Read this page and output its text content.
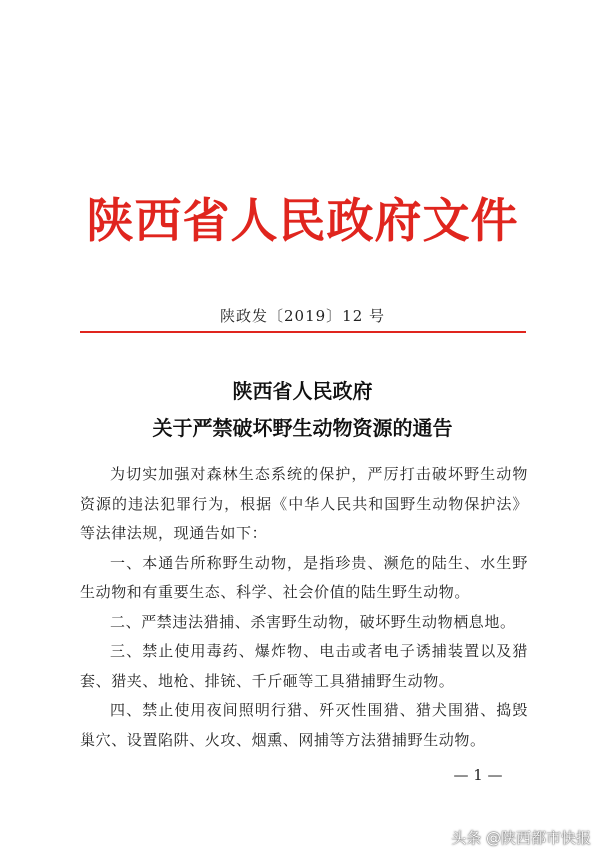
陕西省人民政府文件
陕政发〔2019〕12 号
陕西省人民政府
关于严禁破坏野生动物资源的通告

为切实加强对森林生态系统的保护，严厉打击破坏野生动物资源的违法犯罪行为，根据《中华人民共和国野生动物保护法》等法律法规，现通告如下：

一、本通告所称野生动物，是指珍贵、濒危的陆生、水生野生动物和有重要生态、科学、社会价值的陆生野生动物。

二、严禁违法猎捕、杀害野生动物，破坏野生动物栖息地。

三、禁止使用毒药、爆炸物、电击或者电子诱捕装置以及猎套、猎夹、地枪、排铳、千斤砸等工具猎捕野生动物。

四、禁止使用夜间照明行猎、歼灭性围猎、猎犬围猎、捣毁巢穴、设置陷阱、火攻、烟熏、网捕等方法猎捕野生动物。

— 1 —
头条 @陕西都市快报
